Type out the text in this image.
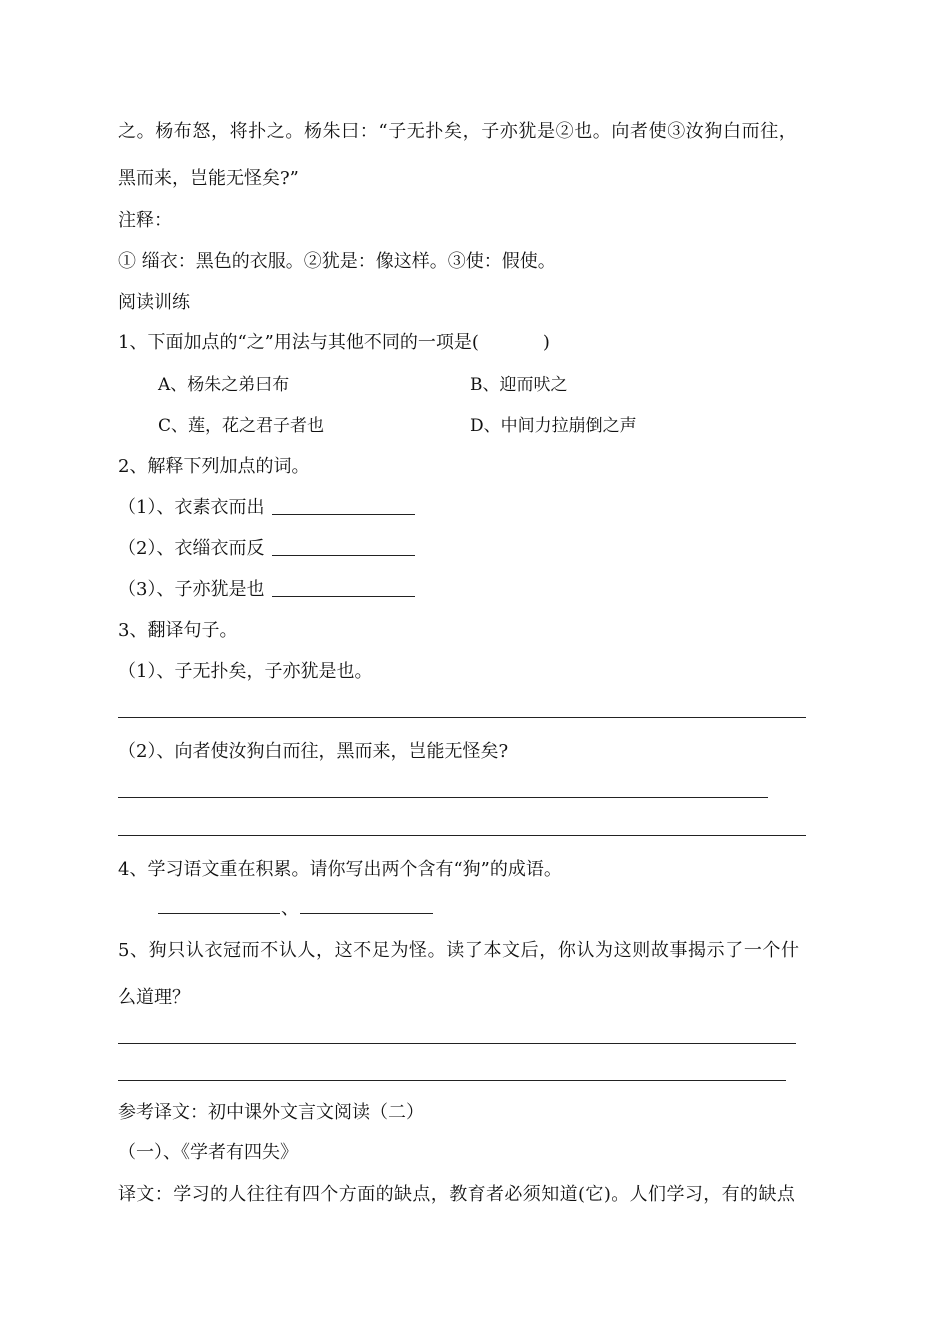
之。杨布怒，将扑之。杨朱曰：“子无扑矣，子亦犹是②也。向者使③汝狗白而往，
黑而来，岂能无怪矣?”
注释：
① 缁衣：黑色的衣服。②犹是：像这样。③使：假使。
阅读训练
1、下面加点的“之”用法与其他不同的一项是(	)
A、杨朱之弟曰布	B、迎而吠之
C、莲，花之君子者也	D、中间力拉崩倒之声
2、解释下列加点的词。
（1）、衣素衣而出
（2）、衣缁衣而反
（3）、子亦犹是也
3、翻译句子。
（1）、子无扑矣，子亦犹是也。
（2）、向者使汝狗白而往，黑而来，岂能无怪矣?
4、学习语文重在积累。请你写出两个含有“狗”的成语。
、
5、狗只认衣冠而不认人，这不足为怪。读了本文后，你认为这则故事揭示了一个什
么道理？
参考译文：初中课外文言文阅读（二）
（一）、《学者有四失》
译文：学习的人往往有四个方面的缺点，教育者必须知道(它)。人们学习，有的缺点
